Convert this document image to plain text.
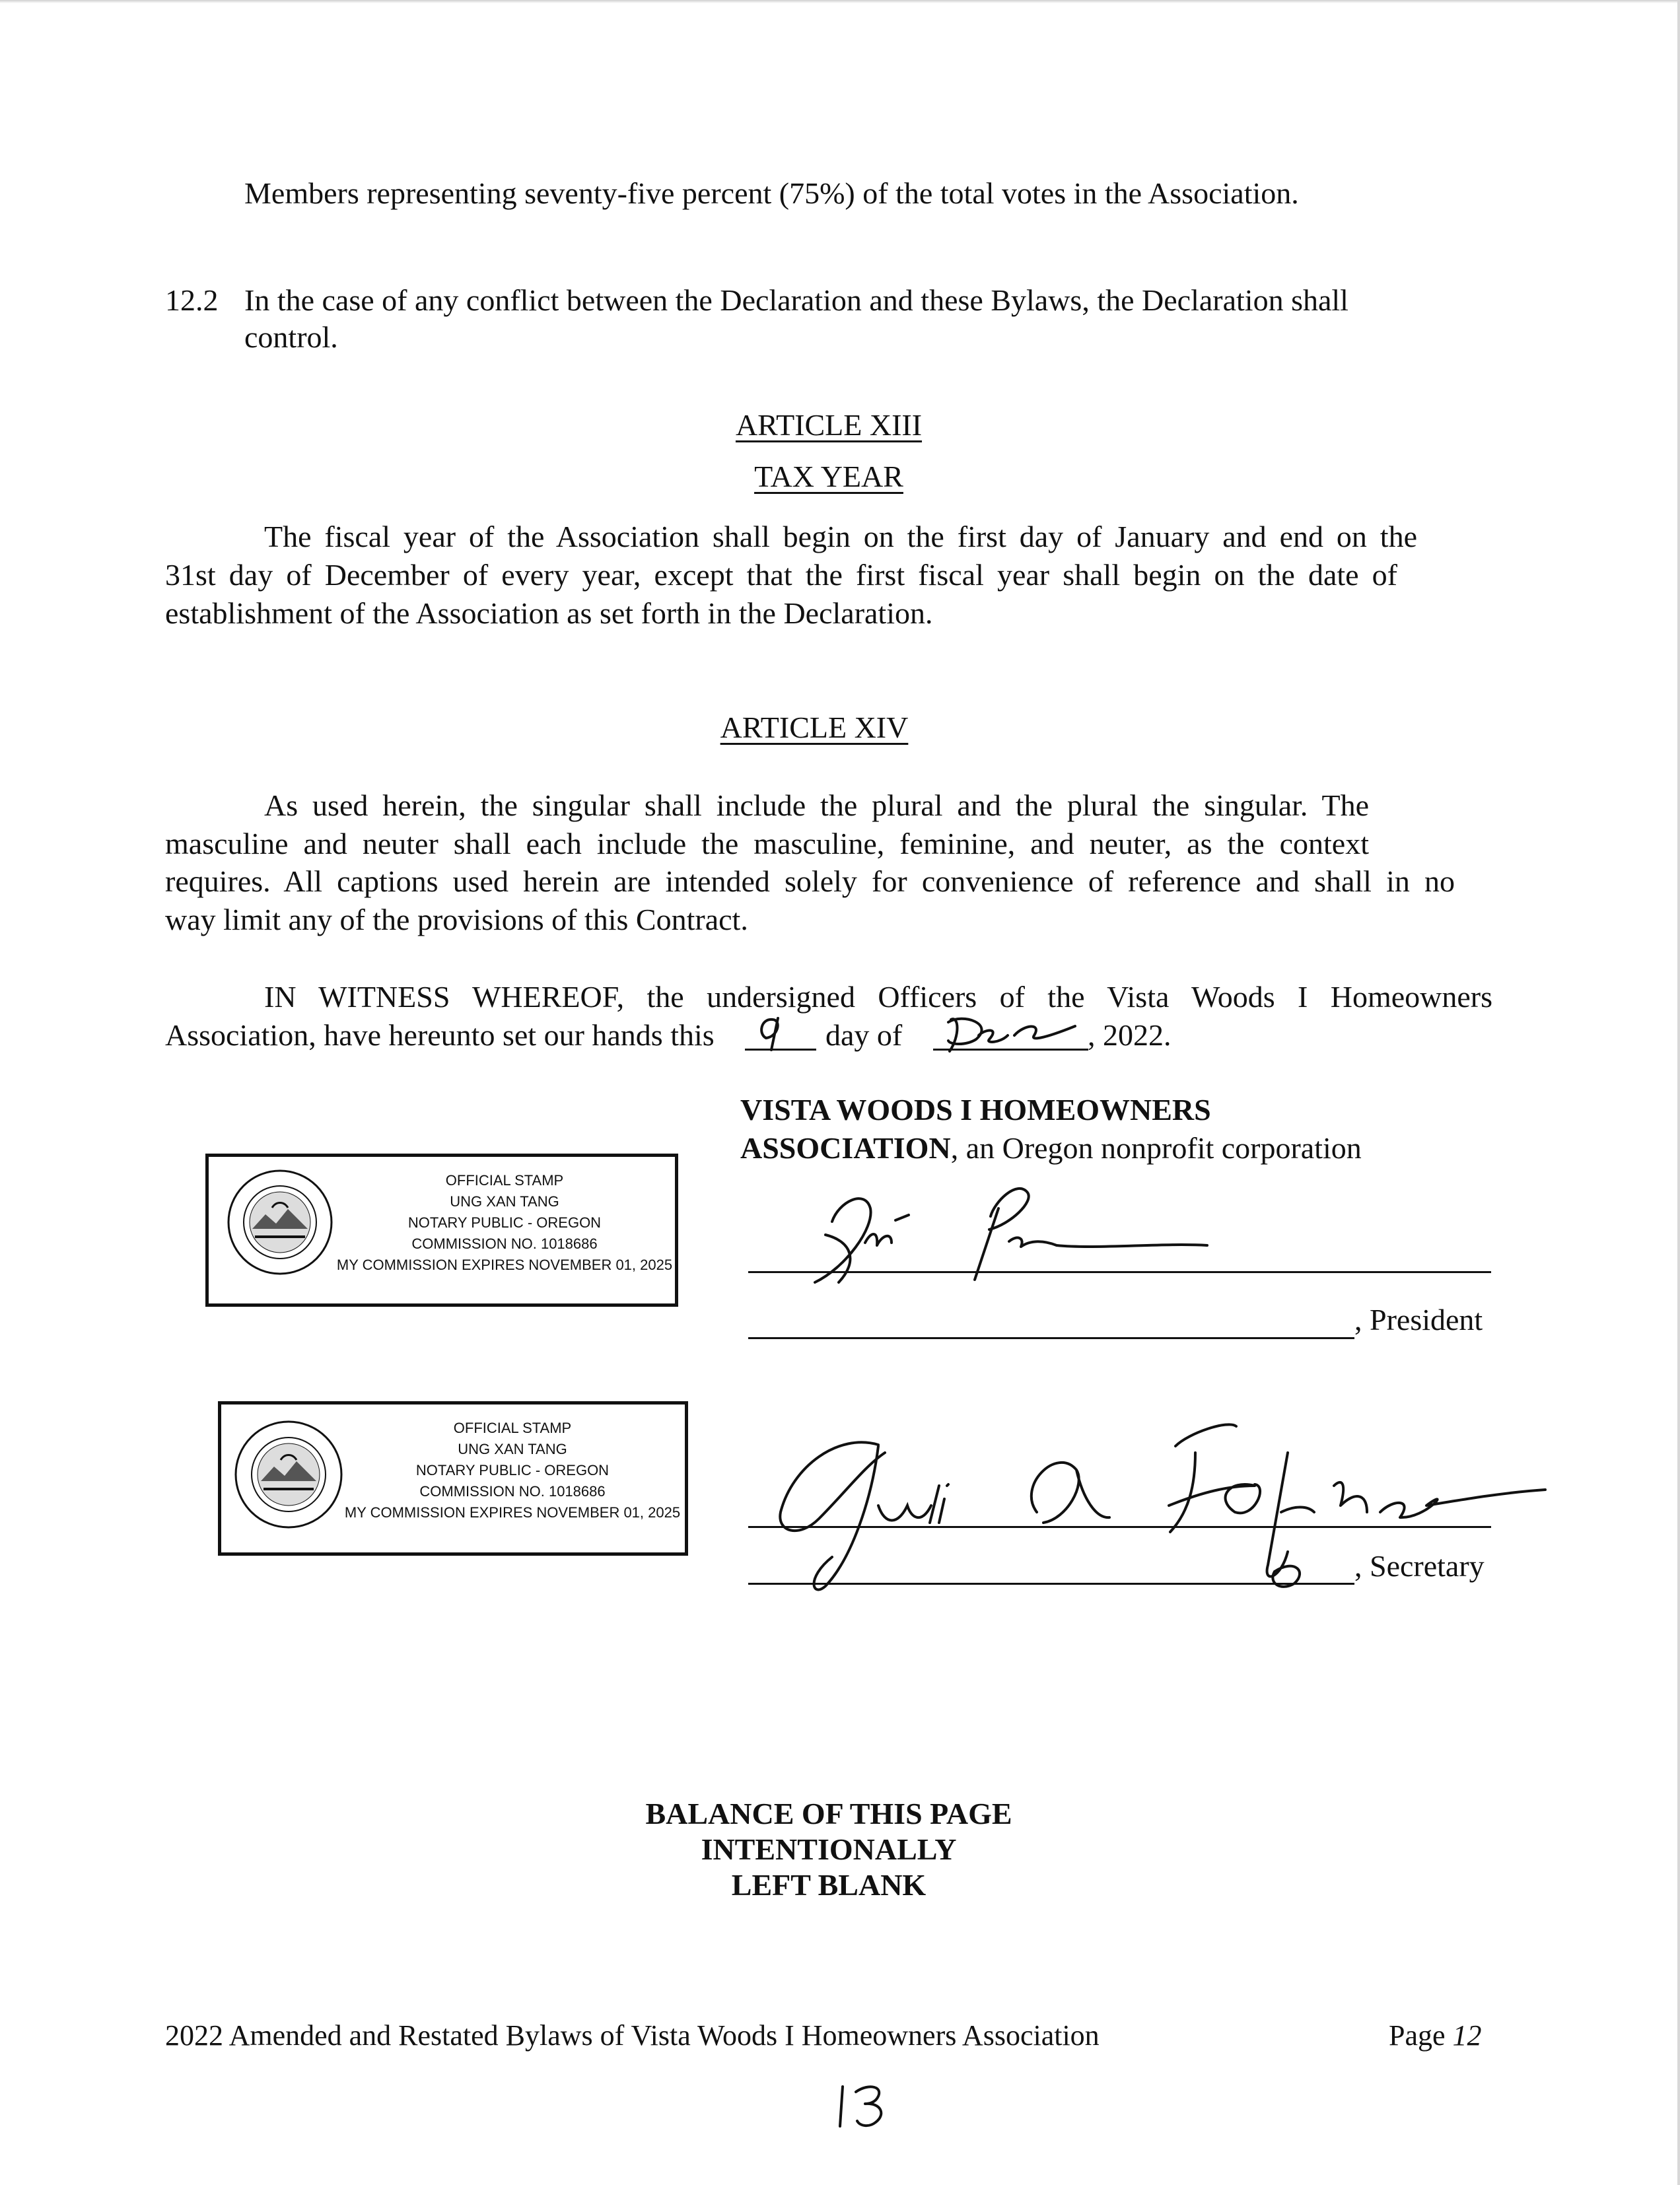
Members representing seventy-five percent (75%) of the total votes in the Association.

12.2 In the case of any conflict between the Declaration and these Bylaws, the Declaration shall

control.

ARTICLE XIII

TAX YEAR

The fiscal year of the Association shall begin on the first day of January and end on the

31st day of December of every year, except that the first fiscal year shall begin on the date of

establishment of the Association as set forth in the Declaration.

ARTICLE XIV

As used herein, the singular shall include the plural and the plural the singular. The

masculine and neuter shall each include the masculine, feminine, and neuter, as the context

requires. All captions used herein are intended solely for convenience of reference and shall in no

way limit any of the provisions of this Contract.

IN WITNESS WHEREOF, the undersigned Officers of the Vista Woods I Homeowners

Association, have hereunto set our hands this	day of	, 2022.

VISTA WOODS I HOMEOWNERS

ASSOCIATION, an Oregon nonprofit corporation

, President

, Secretary

OFFICIAL STAMP
UNG XAN TANG
NOTARY PUBLIC - OREGON
COMMISSION NO. 1018686
MY COMMISSION EXPIRES NOVEMBER 01, 2025
OFFICIAL STAMP
UNG XAN TANG
NOTARY PUBLIC - OREGON
COMMISSION NO. 1018686
MY COMMISSION EXPIRES NOVEMBER 01, 2025

BALANCE OF THIS PAGE

INTENTIONALLY

LEFT BLANK

2022 Amended and Restated Bylaws of Vista Woods I Homeowners Association	Page 12
